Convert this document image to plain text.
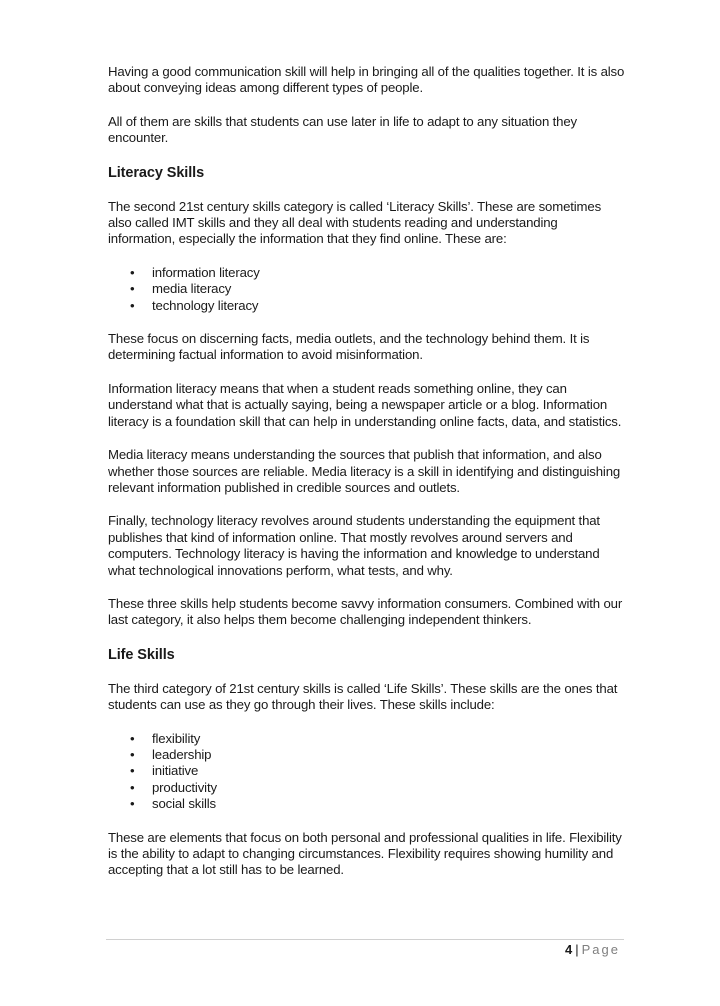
Having a good communication skill will help in bringing all of the qualities together. It is also about conveying ideas among different types of people.

All of them are skills that students can use later in life to adapt to any situation they encounter.

Literacy Skills

The second 21st century skills category is called ‘Literacy Skills’. These are sometimes also called IMT skills and they all deal with students reading and understanding information, especially the information that they find online. These are:

• information literacy
• media literacy
• technology literacy

These focus on discerning facts, media outlets, and the technology behind them. It is determining factual information to avoid misinformation.

Information literacy means that when a student reads something online, they can understand what that is actually saying, being a newspaper article or a blog. Information literacy is a foundation skill that can help in understanding online facts, data, and statistics.

Media literacy means understanding the sources that publish that information, and also whether those sources are reliable. Media literacy is a skill in identifying and distinguishing relevant information published in credible sources and outlets.

Finally, technology literacy revolves around students understanding the equipment that publishes that kind of information online. That mostly revolves around servers and computers. Technology literacy is having the information and knowledge to understand what technological innovations perform, what tests, and why.

These three skills help students become savvy information consumers. Combined with our last category, it also helps them become challenging independent thinkers.

Life Skills

The third category of 21st century skills is called ‘Life Skills’. These skills are the ones that students can use as they go through their lives. These skills include:

• flexibility
• leadership
• initiative
• productivity
• social skills

These are elements that focus on both personal and professional qualities in life. Flexibility is the ability to adapt to changing circumstances. Flexibility requires showing humility and accepting that a lot still has to be learned.

4 | Page
